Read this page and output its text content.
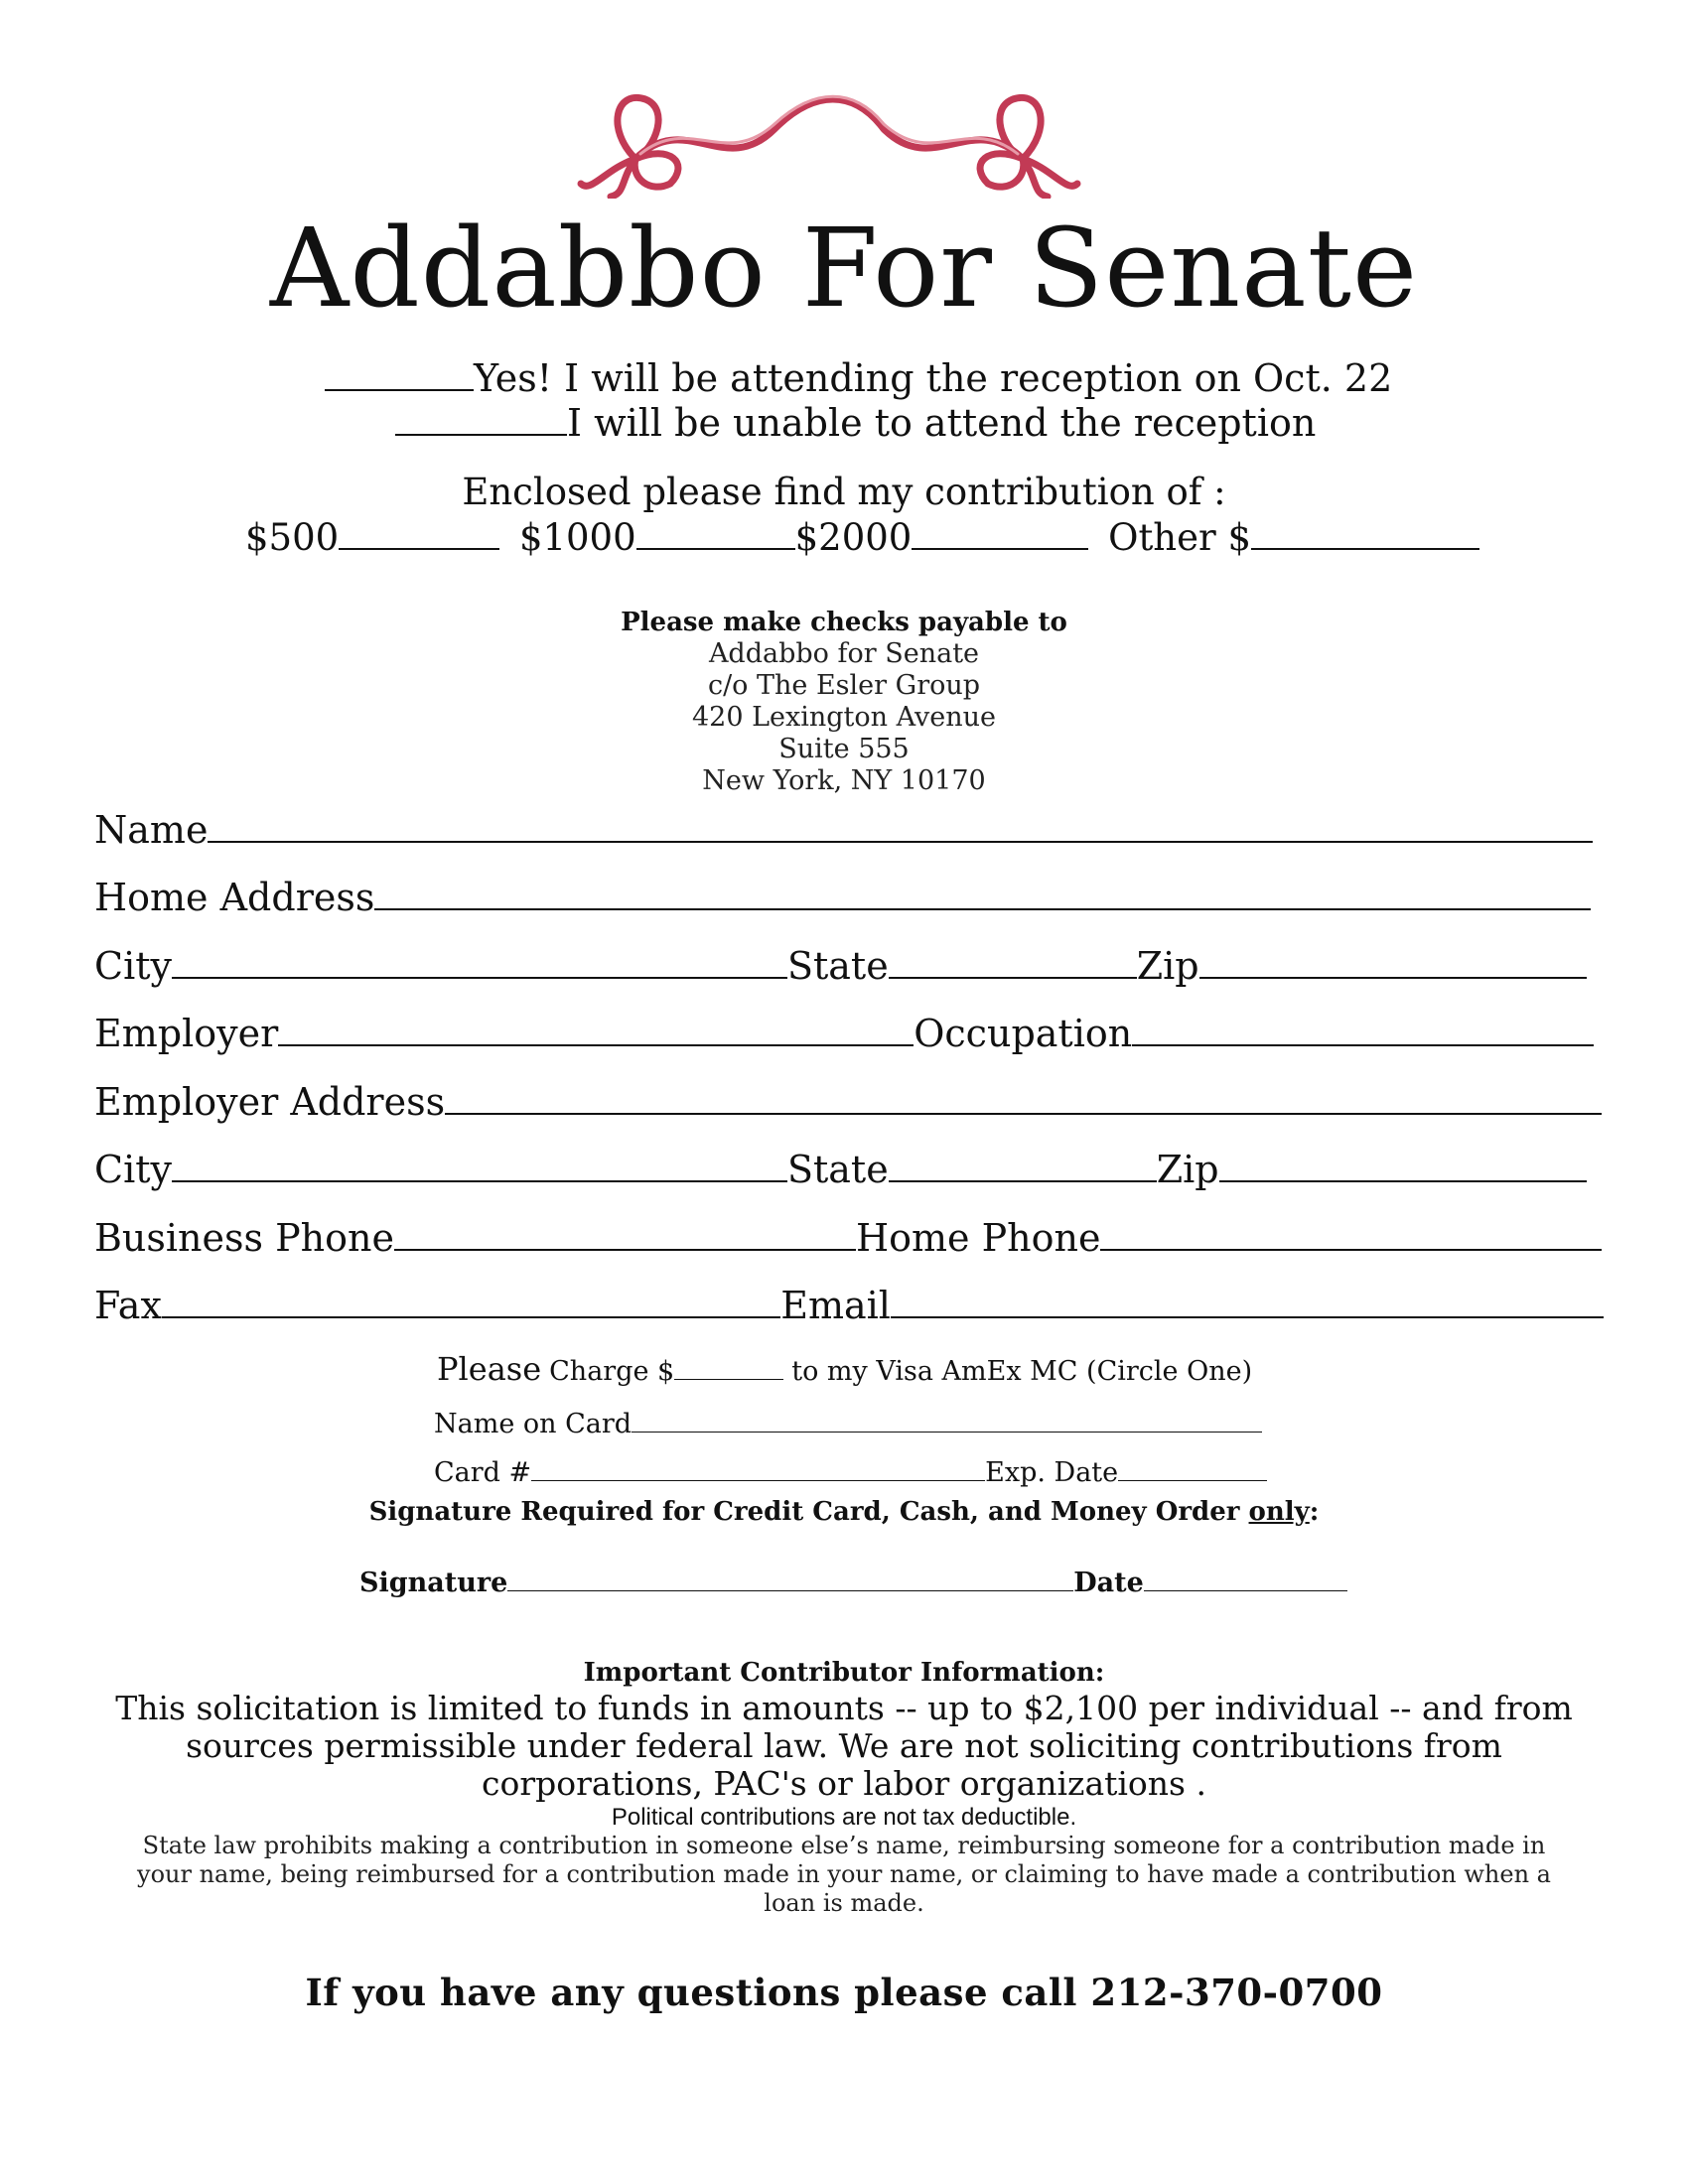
Addabbo For Senate
Yes! I will be attending the reception on Oct. 22
I will be unable to attend the reception
Enclosed please find my contribution of :
$500	$1000	$2000	Other $
Please make checks payable to
Addabbo for Senate
c/o The Esler Group
420 Lexington Avenue
Suite 555
New York, NY 10170
Name
Home Address
City	State	Zip
Employer	Occupation
Employer Address
City	State	Zip
Business Phone	Home Phone
Fax	Email
Please Charge $	to my Visa AmEx MC (Circle One)
Name on Card
Card #	Exp. Date
Signature Required for Credit Card, Cash, and Money Order only:
Signature	Date
Important Contributor Information:
This solicitation is limited to funds in amounts -- up to $2,100 per individual -- and from
sources permissible under federal law. We are not soliciting contributions from
corporations, PAC's or labor organizations .
Political contributions are not tax deductible.
State law prohibits making a contribution in someone else’s name, reimbursing someone for a contribution made in
your name, being reimbursed for a contribution made in your name, or claiming to have made a contribution when a
loan is made.
If you have any questions please call 212-370-0700
